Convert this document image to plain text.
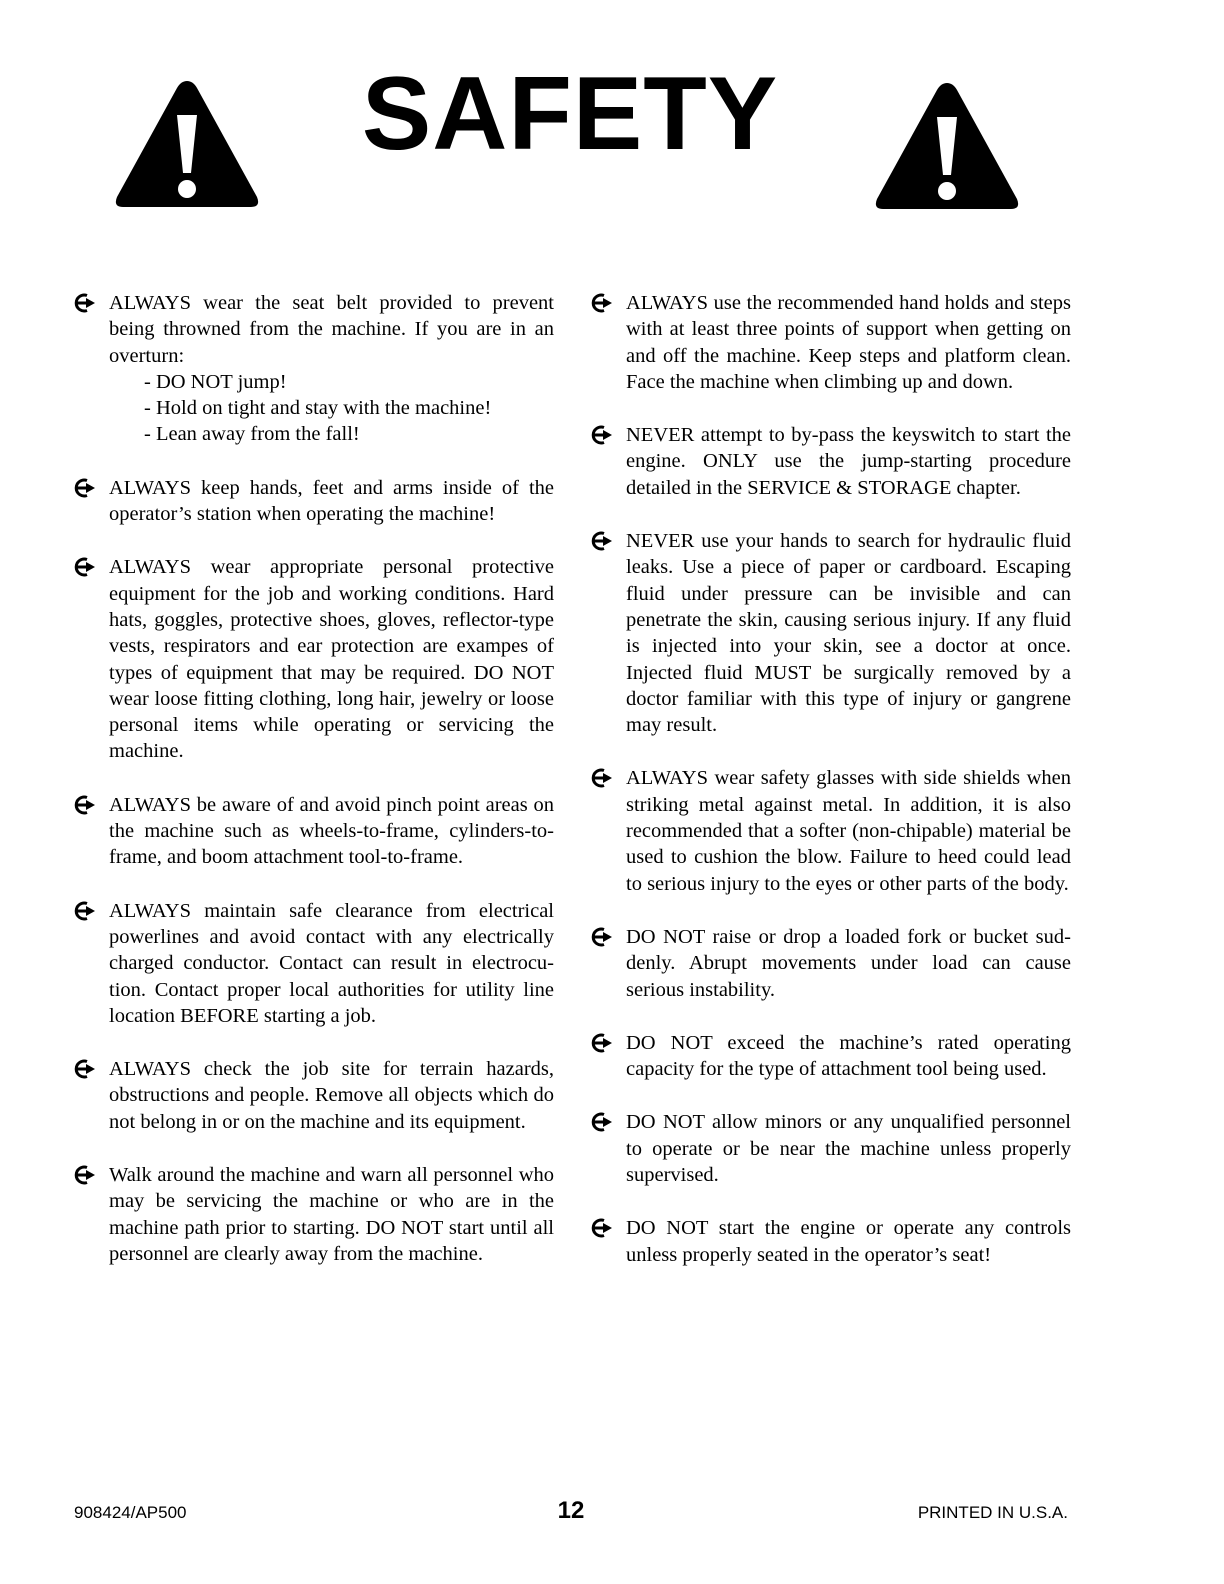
SAFETY
ALWAYS wear the seat belt provided to prevent being throwned from the machine. If you are in an overturn:
- DO NOT jump!
- Hold on tight and stay with the machine!
- Lean away from the fall!
ALWAYS keep hands, feet and arms inside of the operator’s station when operating the machine!
ALWAYS wear appropriate personal protective equipment for the job and working conditions. Hard hats, goggles, protective shoes, gloves, reflector-type vests, respirators and ear protection are exampes of types of equipment that may be required. DO NOT wear loose fitting clothing, long hair, jewelry or loose personal items while operating or servicing the machine.
ALWAYS be aware of and avoid pinch point areas on the machine such as wheels-to-frame, cylinders-to-frame, and boom attachment tool-to-frame.
ALWAYS maintain safe clearance from electrical powerlines and avoid contact with any electrically charged conductor. Contact can result in electrocution. Contact proper local authorities for utility line location BEFORE starting a job.
ALWAYS check the job site for terrain hazards, obstructions and people. Remove all objects which do not belong in or on the machine and its equipment.
Walk around the machine and warn all personnel who may be servicing the machine or who are in the machine path prior to starting. DO NOT start until all personnel are clearly away from the machine.
ALWAYS use the recommended hand holds and steps with at least three points of support when getting on and off the machine. Keep steps and platform clean. Face the machine when climbing up and down.
NEVER attempt to by-pass the keyswitch to start the engine. ONLY use the jump-starting procedure detailed in the SERVICE & STORAGE chapter.
NEVER use your hands to search for hydraulic fluid leaks. Use a piece of paper or cardboard. Escaping fluid under pressure can be invisible and can penetrate the skin, causing serious injury. If any fluid is injected into your skin, see a doctor at once. Injected fluid MUST be surgically removed by a doctor familiar with this type of injury or gangrene may result.
ALWAYS wear safety glasses with side shields when striking metal against metal. In addition, it is also recommended that a softer (non-chipable) material be used to cushion the blow. Failure to heed could lead to serious injury to the eyes or other parts of the body.
DO NOT raise or drop a loaded fork or bucket suddenly. Abrupt movements under load can cause serious instability.
DO NOT exceed the machine’s rated operating capacity for the type of attachment tool being used.
DO NOT allow minors or any unqualified personnel to operate or be near the machine unless properly supervised.
DO NOT start the engine or operate any controls unless properly seated in the operator’s seat!
908424/AP500	12	PRINTED IN U.S.A.
